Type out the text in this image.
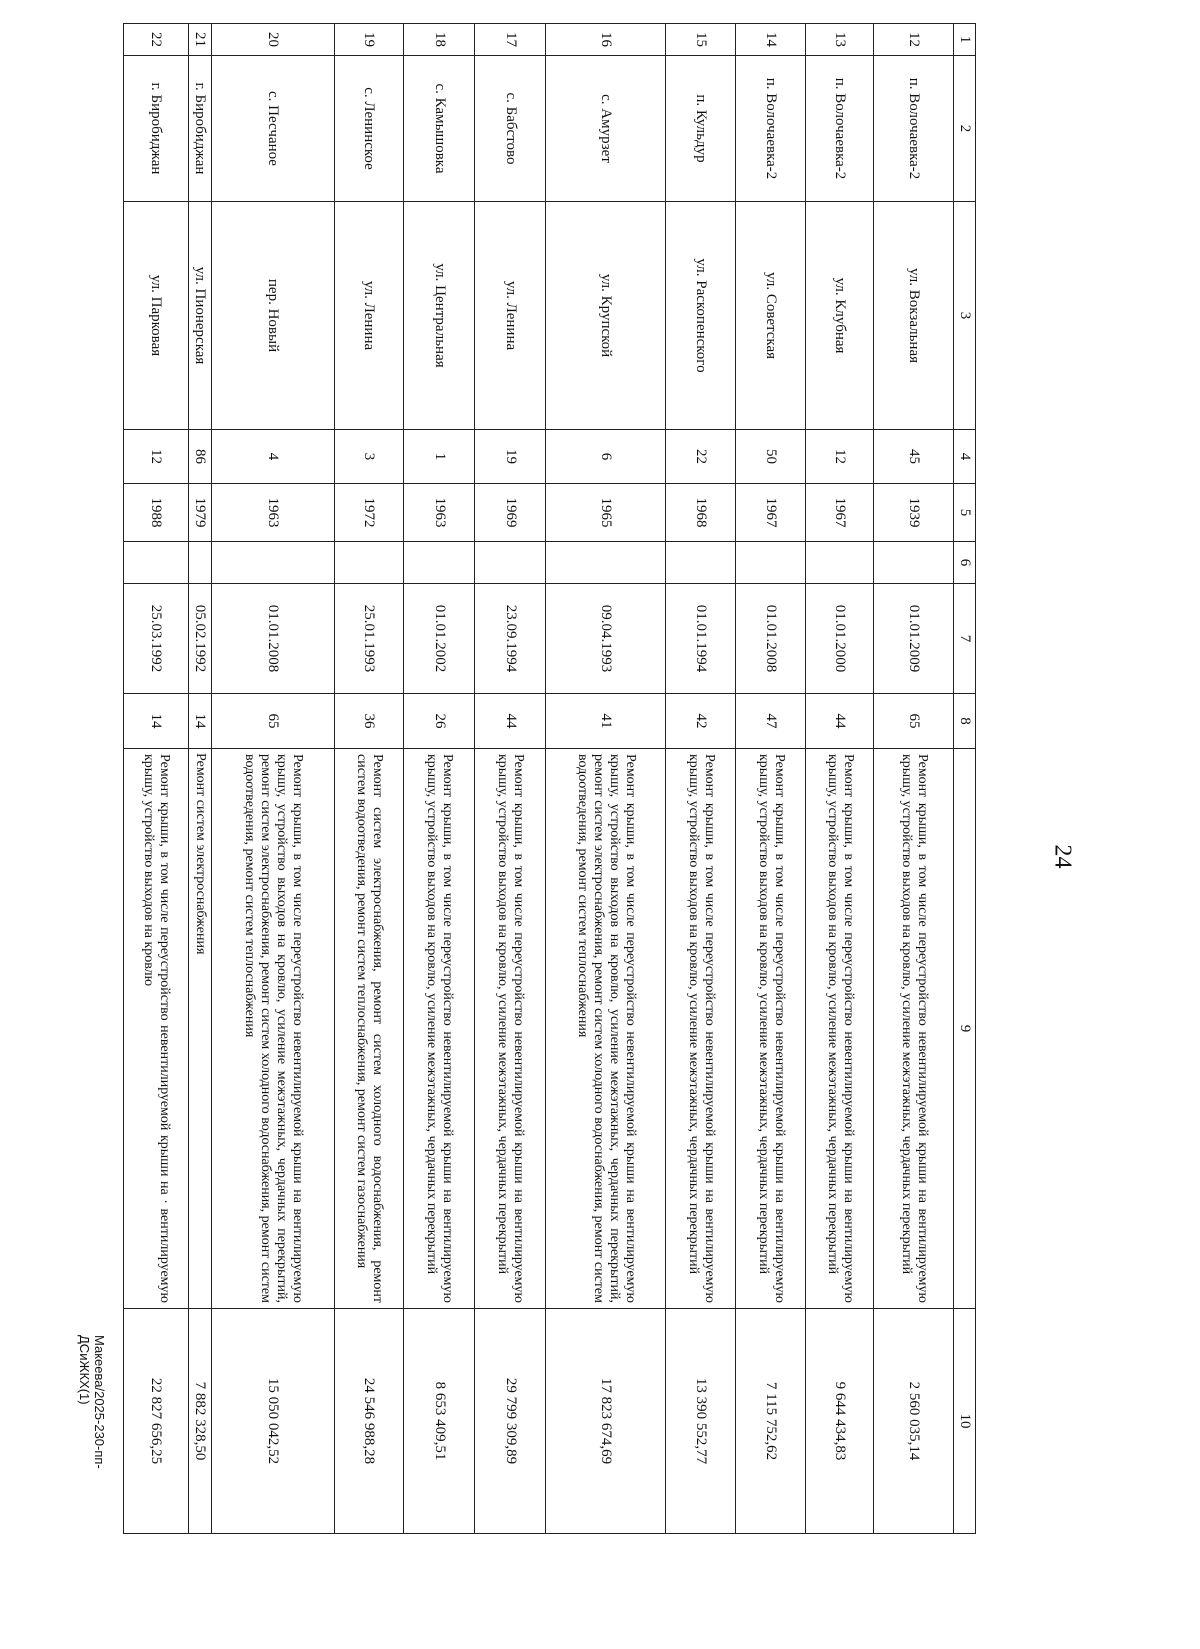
24
1	2	3	4	5	6	7	8	9	10
12	п. Волочаевка-2	ул. Вокзальная	45	1939		01.01.2009	65	Ремонт крыши, в том числе переустройство невентилируемой крыши на вентилируемую крышу, устройство выходов на кровлю, усиление межэтажных, чердачных перекрытий	2 560 035,14
13	п. Волочаевка-2	ул. Клубная	12	1967		01.01.2000	44	Ремонт крыши, в том числе переустройство невентилируемой крыши на вентилируемую крышу, устройство выходов на кровлю, усиление межэтажных, чердачных перекрытий	9 644 434,83
14	п. Волочаевка-2	ул. Советская	50	1967		01.01.2008	47	Ремонт крыши, в том числе переустройство невентилируемой крыши на вентилируемую крышу, устройство выходов на кровлю, усиление межэтажных, чердачных перекрытий	7 115 752,62
15	п. Кульдур	ул. Раскопенского	22	1968		01.01.1994	42	Ремонт крыши, в том числе переустройство невентилируемой крыши на вентилируемую крышу, устройство выходов на кровлю, усиление межэтажных, чердачных перекрытий	13 390 552,77
16	с. Амурзет	ул. Крупской	6	1965		09.04.1993	41	Ремонт крыши, в том числе переустройство невентилируемой крыши на вентилируемую крышу, устройство выходов на кровлю, усиление межэтажных, чердачных перекрытий, ремонт систем электроснабжения, ремонт систем холодного водоснабжения, ремонт систем водоотведения, ремонт систем теплоснабжения	17 823 674,69
17	с. Бабстово	ул. Ленина	19	1969		23.09.1994	44	Ремонт крыши, в том числе переустройство невентилируемой крыши на вентилируемую крышу, устройство выходов на кровлю, усиление межэтажных, чердачных перекрытий	29 799 309,89
18	с. Камышовка	ул. Центральная	1	1963		01.01.2002	26	Ремонт крыши, в том числе переустройство невентилируемой крыши на вентилируемую крышу, устройство выходов на кровлю, усиление межэтажных, чердачных перекрытий	8 653 409,51
19	с. Ленинское	ул. Ленина	3	1972		25.01.1993	36	Ремонт систем электроснабжения, ремонт систем холодного водоснабжения, ремонт систем водоотведения, ремонт систем теплоснабжения, ремонт систем газоснабжения	24 546 988,28
20	с. Песчаное	пер. Новый	4	1963		01.01.2008	65	Ремонт крыши, в том числе переустройство невентилируемой крыши на вентилируемую крышу, устройство выходов на кровлю, усиление межэтажных, чердачных перекрытий, ремонт систем электроснабжения, ремонт систем холодного водоснабжения, ремонт систем водоотведения, ремонт систем теплоснабжения	15 050 042,52
21	г. Биробиджан	ул. Пионерская	86	1979		05.02.1992	14	Ремонт систем электроснабжения	7 882 328,50
22	г. Биробиджан	ул. Парковая	12	1988		25.03.1992	14	Ремонт крыши, в том числе переустройство невентилируемой крыши на · вентилируемую крышу, устройство выходов на кровлю	22 827 656,25
Макеева/2025-230-пп-ДСиЖКХ(1)
